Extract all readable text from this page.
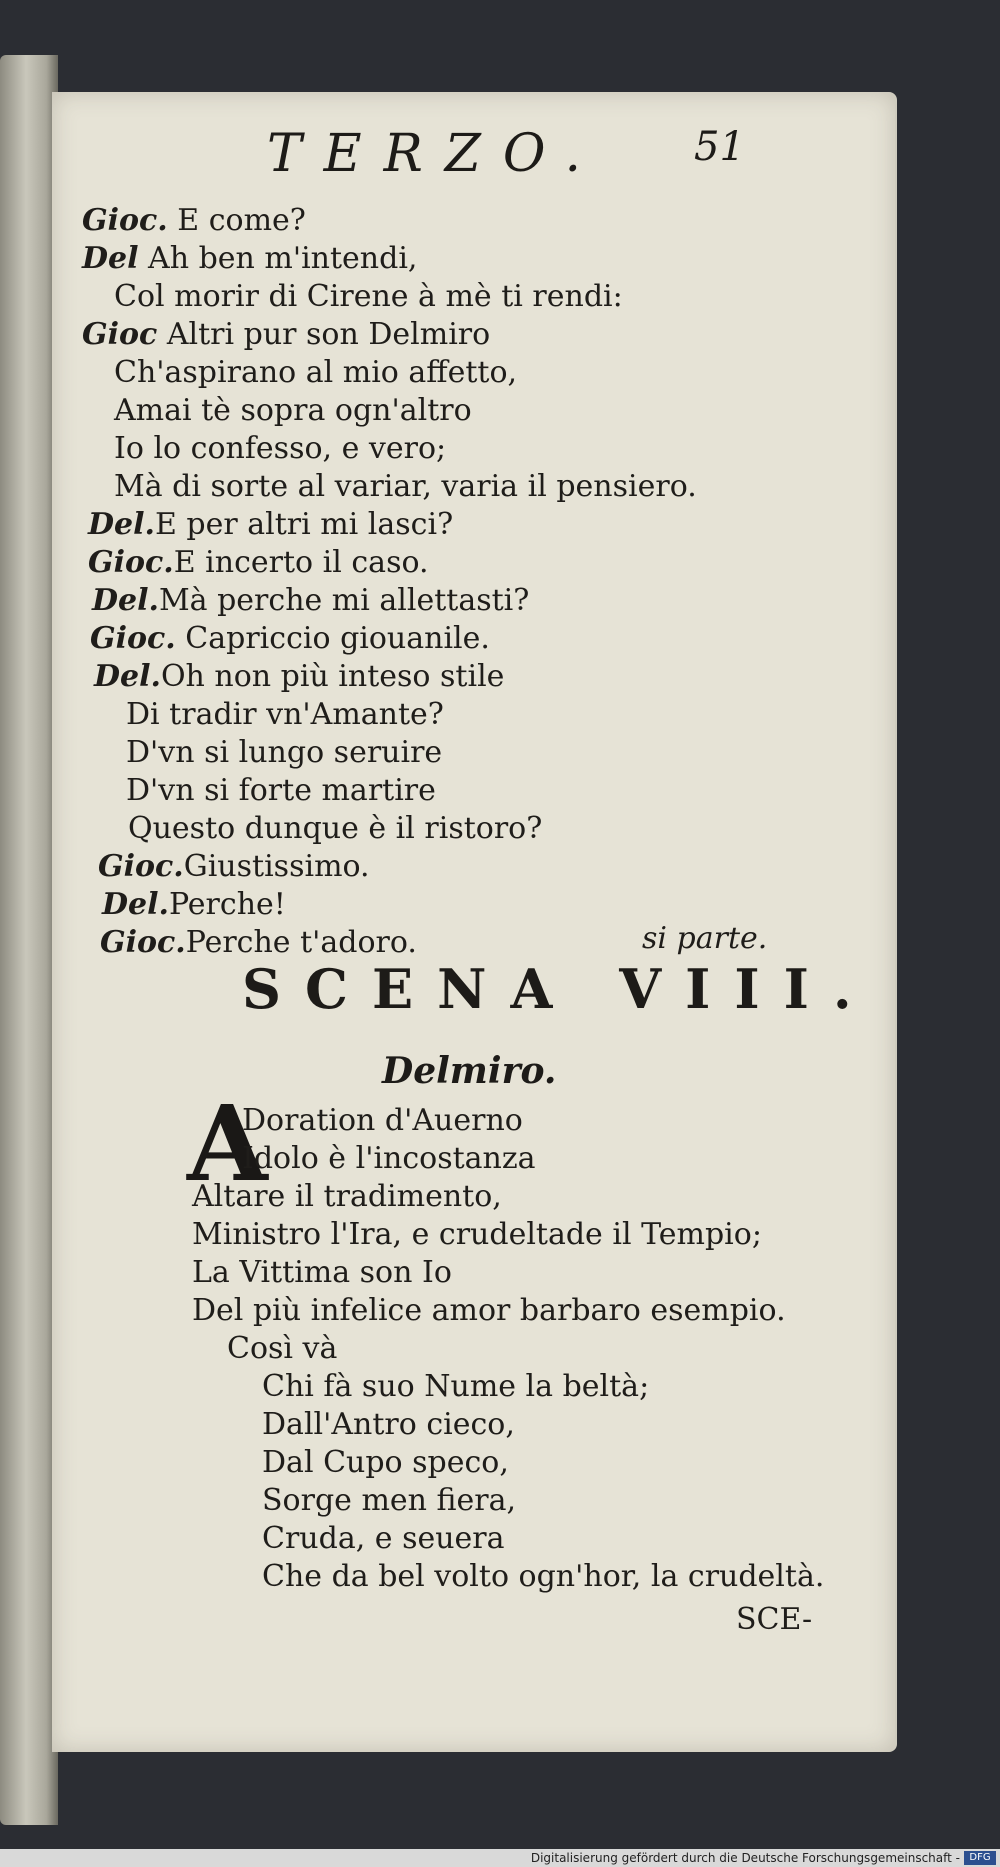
TERZO. 51
Gioc. E come?
Del Ah ben m'intendi,
Col morir di Cirene à mè ti rendi:
Gioc Altri pur son Delmiro
Ch'aspirano al mio affetto,
Amai tè sopra ogn'altro
Io lo confesso, e vero;
Mà di sorte al variar, varia il pensiero.
Del.E per altri mi lasci?
Gioc.E incerto il caso.
Del.Mà perche mi allettasti?
Gioc. Capriccio giouanile.
Del.Oh non più inteso stile
Di tradir vn'Amante?
D'vn si lungo seruire
D'vn si forte martire
Questo dunque è il ristoro?
Gioc.Giustissimo.
Del.Perche!
Gioc.Perche t'adoro.	si parte.
SCENA VIII.
Delmiro.
A
Doration d'Auerno
Idolo è l'incostanza
Altare il tradimento,
Ministro l'Ira, e crudeltade il Tempio;
La Vittima son Io
Del più infelice amor barbaro esempio.
Così và
Chi fà suo Nume la beltà;
Dall'Antro cieco,
Dal Cupo speco,
Sorge men fiera,
Cruda, e seuera
Che da bel volto ogn'hor, la crudeltà.
SCE-
Digitalisierung gefördert durch die Deutsche Forschungsgemeinschaft - DFG
